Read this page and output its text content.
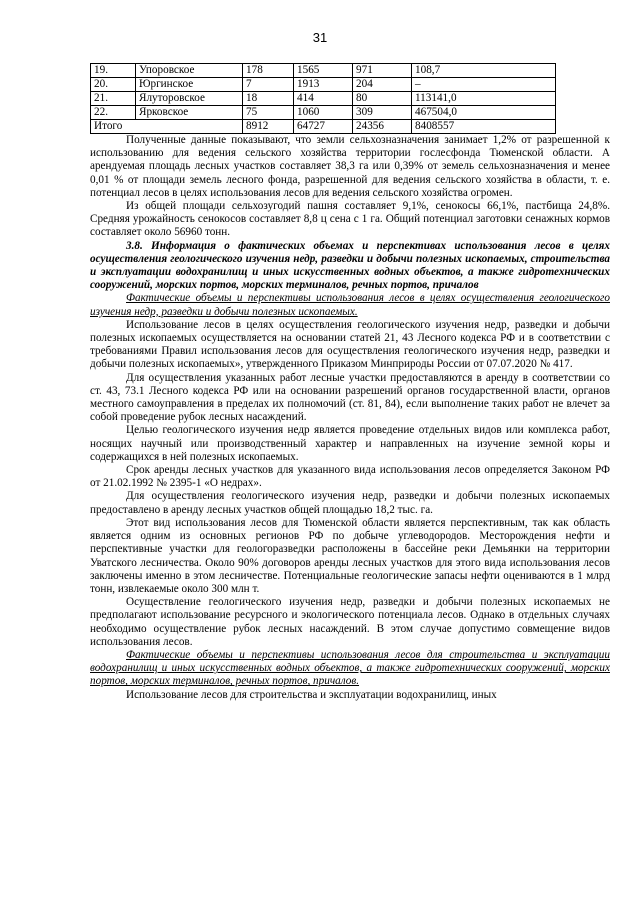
31
19.	Упоровское	178	1565	971	108,7
20.	Юргинское	7	1913	204	–
21.	Ялуторовское	18	414	80	113141,0
22.	Ярковское	75	1060	309	467504,0
Итого		8912	64727	24356	8408557

Полученные данные показывают, что земли сельхозназначения занимает 1,2% от разрешенной к использованию для ведения сельского хозяйства территории гослесфонда Тюменской области. А арендуемая площадь лесных участков составляет 38,3 га или 0,39% от земель сельхозназначения и менее 0,01 % от площади земель лесного фонда, разрешенной для ведения сельского хозяйства в области, т. е. потенциал лесов в целях использования лесов для ведения сельского хозяйства огромен.

Из общей площади сельхозугодий пашня составляет 9,1%, сенокосы 66,1%, пастбища 24,8%. Средняя урожайность сенокосов составляет 8,8 ц сена с 1 га. Общий потенциал заготовки сенажных кормов составляет около 56960 тонн.

3.8. Информация о фактических объемах и перспективах использования лесов в целях осуществления геологического изучения недр, разведки и добычи полезных ископаемых, строительства и эксплуатации водохранилищ и иных искусственных водных объектов, а также гидротехнических сооружений, морских портов, морских терминалов, речных портов, причалов

Фактические объемы и перспективы использования лесов в целях осуществления геологического изучения недр, разведки и добычи полезных ископаемых.

Использование лесов в целях осуществления геологического изучения недр, разведки и добычи полезных ископаемых осуществляется на основании статей 21, 43 Лесного кодекса РФ и в соответствии с требованиями Правил использования лесов для осуществления геологического изучения недр, разведки и добычи полезных ископаемых», утвержденного Приказом Минприроды России от 07.07.2020 № 417.

Для осуществления указанных работ лесные участки предоставляются в аренду в соответствии со ст. 43, 73.1 Лесного кодекса РФ или на основании разрешений органов государственной власти, органов местного самоуправления в пределах их полномочий (ст. 81, 84), если выполнение таких работ не влечет за собой проведение рубок лесных насаждений.

Целью геологического изучения недр является проведение отдельных видов или комплекса работ, носящих научный или производственный характер и направленных на изучение земной коры и содержащихся в ней полезных ископаемых.

Срок аренды лесных участков для указанного вида использования лесов определяется Законом РФ от 21.02.1992 № 2395-1 «О недрах».

Для осуществления геологического изучения недр, разведки и добычи полезных ископаемых предоставлено в аренду лесных участков общей площадью 18,2 тыс. га.

Этот вид использования лесов для Тюменской области является перспективным, так как область является одним из основных регионов РФ по добыче углеводородов. Месторождения нефти и перспективные участки для геологоразведки расположены в бассейне реки Демьянки на территории Уватского лесничества. Около 90% договоров аренды лесных участков для этого вида использования лесов заключены именно в этом лесничестве. Потенциальные геологические запасы нефти оцениваются в 1 млрд тонн, извлекаемые около 300 млн т.

Осуществление геологического изучения недр, разведки и добычи полезных ископаемых не предполагают использование ресурсного и экологического потенциала лесов. Однако в отдельных случаях необходимо осуществление рубок лесных насаждений. В этом случае допустимо совмещение видов использования лесов.

Фактические объемы и перспективы использования лесов для строительства и эксплуатации водохранилищ и иных искусственных водных объектов, а также гидротехнических сооружений, морских портов, морских терминалов, речных портов, причалов.

Использование лесов для строительства и эксплуатации водохранилищ, иных
